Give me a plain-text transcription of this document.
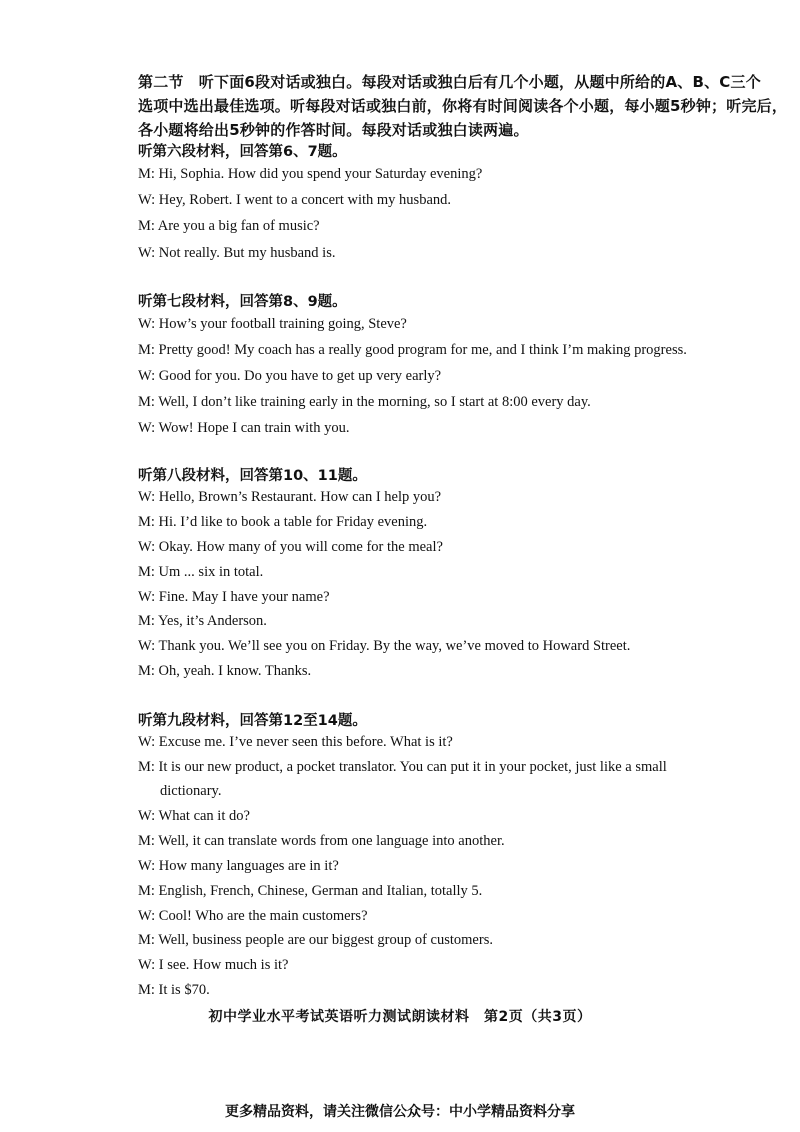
第二节　听下面6段对话或独白。每段对话或独白后有几个小题，从题中所给的A、B、C三个
选项中选出最佳选项。听每段对话或独白前，你将有时间阅读各个小题，每小题5秒钟；听完后，
各小题将给出5秒钟的作答时间。每段对话或独白读两遍。
听第六段材料，回答第6、7题。
M: Hi, Sophia. How did you spend your Saturday evening?
W: Hey, Robert. I went to a concert with my husband.
M: Are you a big fan of music?
W: Not really. But my husband is.
听第七段材料，回答第8、9题。
W: How’s your football training going, Steve?
M: Pretty good! My coach has a really good program for me, and I think I’m making progress.
W: Good for you. Do you have to get up very early?
M: Well, I don’t like training early in the morning, so I start at 8:00 every day.
W: Wow! Hope I can train with you.
听第八段材料，回答第10、11题。
W: Hello, Brown’s Restaurant. How can I help you?
M: Hi. I’d like to book a table for Friday evening.
W: Okay. How many of you will come for the meal?
M: Um ... six in total.
W: Fine. May I have your name?
M: Yes, it’s Anderson.
W: Thank you. We’ll see you on Friday. By the way, we’ve moved to Howard Street.
M: Oh, yeah. I know. Thanks.
听第九段材料，回答第12至14题。
W: Excuse me. I’ve never seen this before. What is it?
M: It is our new product, a pocket translator. You can put it in your pocket, just like a small
dictionary.
W: What can it do?
M: Well, it can translate words from one language into another.
W: How many languages are in it?
M: English, French, Chinese, German and Italian, totally 5.
W: Cool! Who are the main customers?
M: Well, business people are our biggest group of customers.
W: I see. How much is it?
M: It is $70.
初中学业水平考试英语听力测试朗读材料　第2页（共3页）
更多精品资料，请关注微信公众号：中小学精品资料分享
